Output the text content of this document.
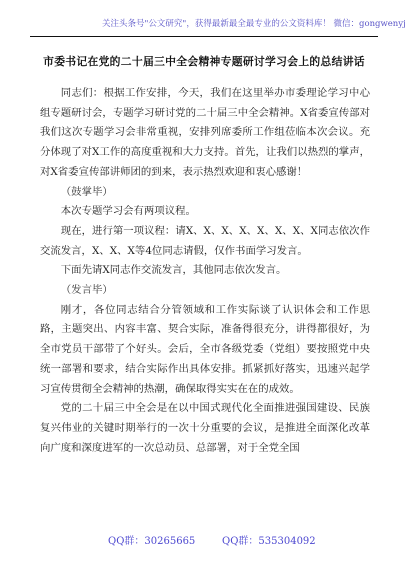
关注头条号"公文研究"，获得最新最全最专业的公文资料库！ 微信：gongwenyj
市委书记在党的二十届三中全会精神专题研讨学习会上的总结讲话

同志们：根据工作安排，今天，我们在这里举办市委理论学习中心组专题研讨会，专题学习研讨党的二十届三中全会精神。X省委宣传部对我们这次专题学习会非常重视，安排列席委所工作组莅临本次会议。充分体现了对X工作的高度重视和大力支持。首先，让我们以热烈的掌声，对X省委宣传部讲师团的到来，表示热烈欢迎和衷心感谢！

（鼓掌毕）

本次专题学习会有两项议程。

现在，进行第一项议程：请X、X、X、X、X、X、X、X同志依次作交流发言，X、X、X等4位同志请假，仅作书面学习发言。

下面先请X同志作交流发言，其他同志依次发言。

（发言毕）

刚才，各位同志结合分管领域和工作实际谈了认识体会和工作思路，主题突出、内容丰富、契合实际，准备得很充分，讲得都很好，为全市党员干部带了个好头。会后，全市各级党委（党组）要按照党中央统一部署和要求，结合实际作出具体安排。抓紧抓好落实，迅速兴起学习宣传贯彻全会精神的热潮，确保取得实实在在的成效。

党的二十届三中全会是在以中国式现代化全面推进强国建设、民族复兴伟业的关键时期举行的一次十分重要的会议，是推进全面深化改革向广度和深度进军的一次总动员、总部署，对于全党全国

QQ群：30265665	QQ群：535304092
